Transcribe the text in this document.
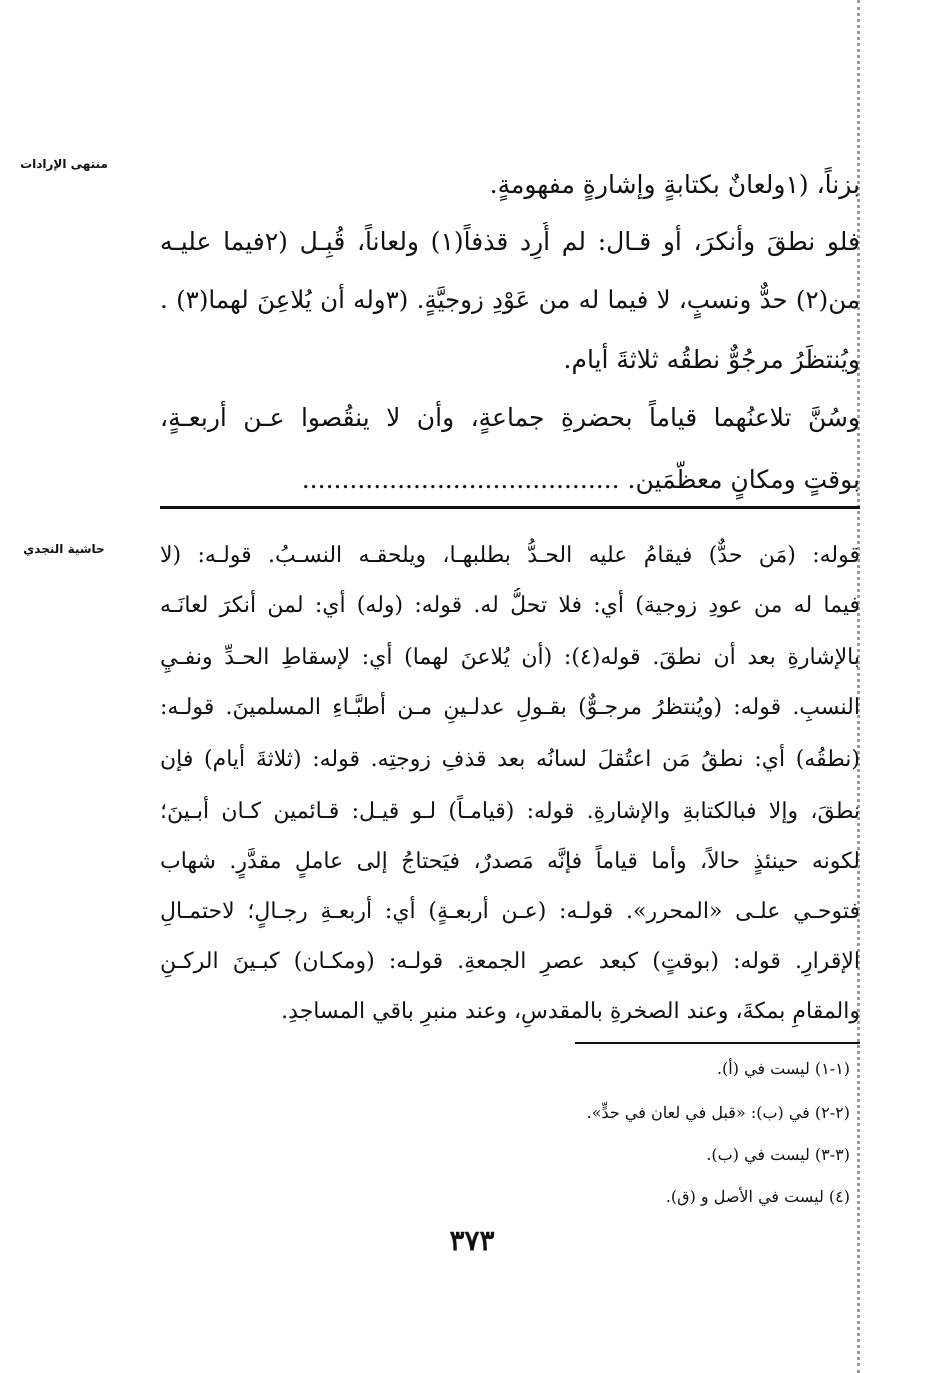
منتهى الإرادات
حاشية النجدي
بزناً، (١ولعانٌ بكتابةٍ وإشارةٍ مفهومةٍ.
فلو نطقَ وأنكرَ، أو قـال: لم أُرِد قذفاً(١) ولعاناً، قُبِـل (٢فيما عليـه
من(٢) حدٌّ ونسبٍ، لا فيما له من عَوْدِ زوجيَّةٍ. (٣وله أن يُلاعِنَ لهما(٣) .
ويُنتظَرُ مرجُوٌّ نطقُه ثلاثةَ أيام.
وسُنَّ تلاعنُهما قياماً بحضرةِ جماعةٍ، وأن لا ينقُصوا عـن أربعـةٍ،
بوقتٍ ومكانٍ معظَّمَين. ........................................
قوله: (مَن حدٌّ) فيقامُ عليه الحـدُّ بطلبهـا، ويلحقـه النسـبُ. قولـه: (لا
فيما له من عودِ زوجية) أي: فلا تحلُّ له. قوله: (وله) أي: لمن أنكرَ لعانَـه
بالإشارةِ بعد أن نطقَ. قوله(٤): (أن يُلاعنَ لهما) أي: لإسقاطِ الحـدِّ ونفـيِ
النسبِ. قوله: (ويُنتظرُ مرجـوٌّ) بقـولِ عدلـينِ مـن أطبَّـاءِ المسلمينَ. قولـه:
(نطقُه) أي: نطقُ مَن اعتُقلَ لسانُه بعد قذفِ زوجتِه. قوله: (ثلاثةَ أيام) فإن
نطقَ، وإلا فبالكتابةِ والإشارةِ. قوله: (قيامـاً) لـو قيـل: قـائمين كـان أبـينَ؛
لكونه حينئذٍ حالاً، وأما قياماً فإنَّه مَصدرٌ، فيَحتاجُ إلى عاملٍ مقدَّرٍ. شهاب
فتوحـي علـى «المحرر». قولـه: (عـن أربعـةٍ) أي: أربعـةِ رجـالٍ؛ لاحتمـالِ
الإقرارِ. قوله: (بوقتٍ) كبعد عصرِ الجمعةِ. قولـه: (ومكـان) كبـينَ الركـنِ
والمقامِ بمكةَ، وعند الصخرةِ بالمقدسِ، وعند منبرِ باقي المساجدِ.
(١-١) ليست في (أ).
(٢-٢) في (ب): «قبل في لعان في حدٍّ».
(٣-٣) ليست في (ب).
(٤) ليست في الأصل و (ق).
٣٧٣
